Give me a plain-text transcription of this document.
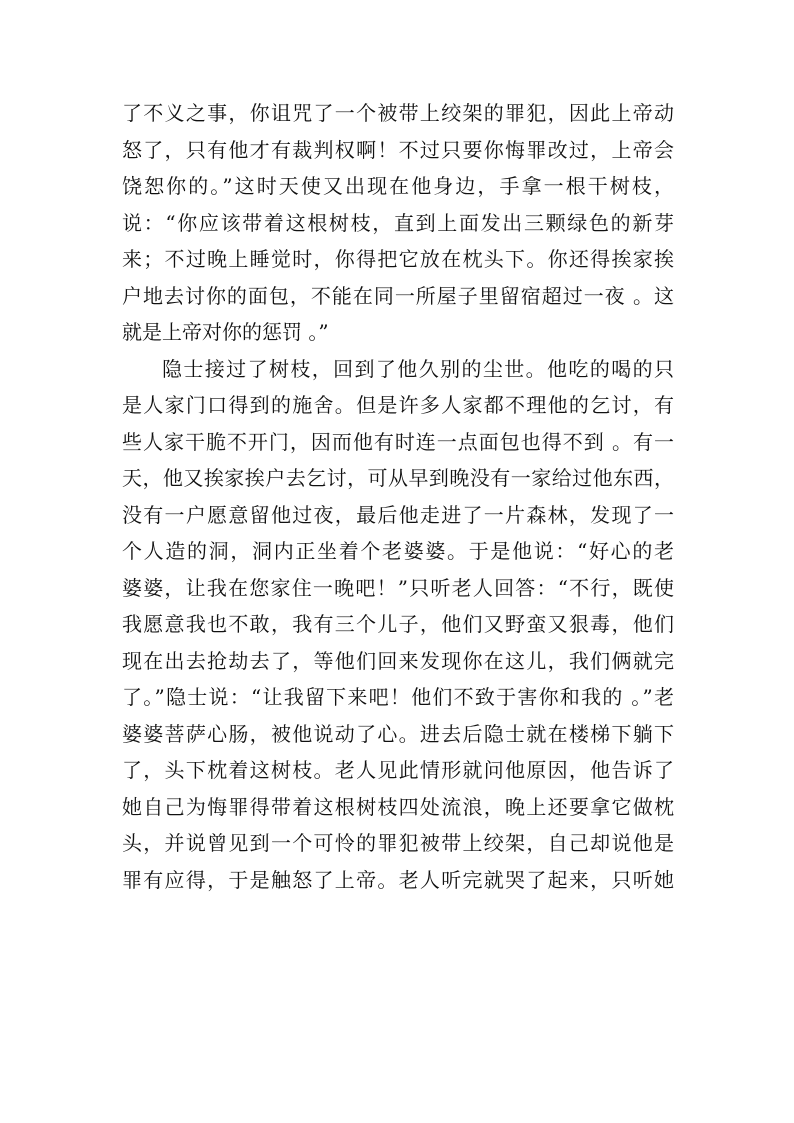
了不义之事，你诅咒了一个被带上绞架的罪犯，因此上帝动
怒了，只有他才有裁判权啊！不过只要你悔罪改过，上帝会
饶恕你的。”这时天使又出现在他身边，手拿一根干树枝，
说：“你应该带着这根树枝，直到上面发出三颗绿色的新芽
来；不过晚上睡觉时，你得把它放在枕头下。你还得挨家挨
户地去讨你的面包，不能在同一所屋子里留宿超过一夜 。这
就是上帝对你的惩罚 。”
隐士接过了树枝，回到了他久别的尘世。他吃的喝的只
是人家门口得到的施舍。但是许多人家都不理他的乞讨，有
些人家干脆不开门，因而他有时连一点面包也得不到 。有一
天，他又挨家挨户去乞讨，可从早到晚没有一家给过他东西，
没有一户愿意留他过夜，最后他走进了一片森林，发现了一
个人造的洞，洞内正坐着个老婆婆。于是他说：“好心的老
婆婆，让我在您家住一晚吧！”只听老人回答：“不行，既使
我愿意我也不敢，我有三个儿子，他们又野蛮又狠毒，他们
现在出去抢劫去了，等他们回来发现你在这儿，我们俩就完
了。”隐士说：“让我留下来吧！他们不致于害你和我的 。”老
婆婆菩萨心肠，被他说动了心。进去后隐士就在楼梯下躺下
了，头下枕着这树枝。老人见此情形就问他原因，他告诉了
她自己为悔罪得带着这根树枝四处流浪，晚上还要拿它做枕
头，并说曾见到一个可怜的罪犯被带上绞架，自己却说他是
罪有应得，于是触怒了上帝。老人听完就哭了起来，只听她
